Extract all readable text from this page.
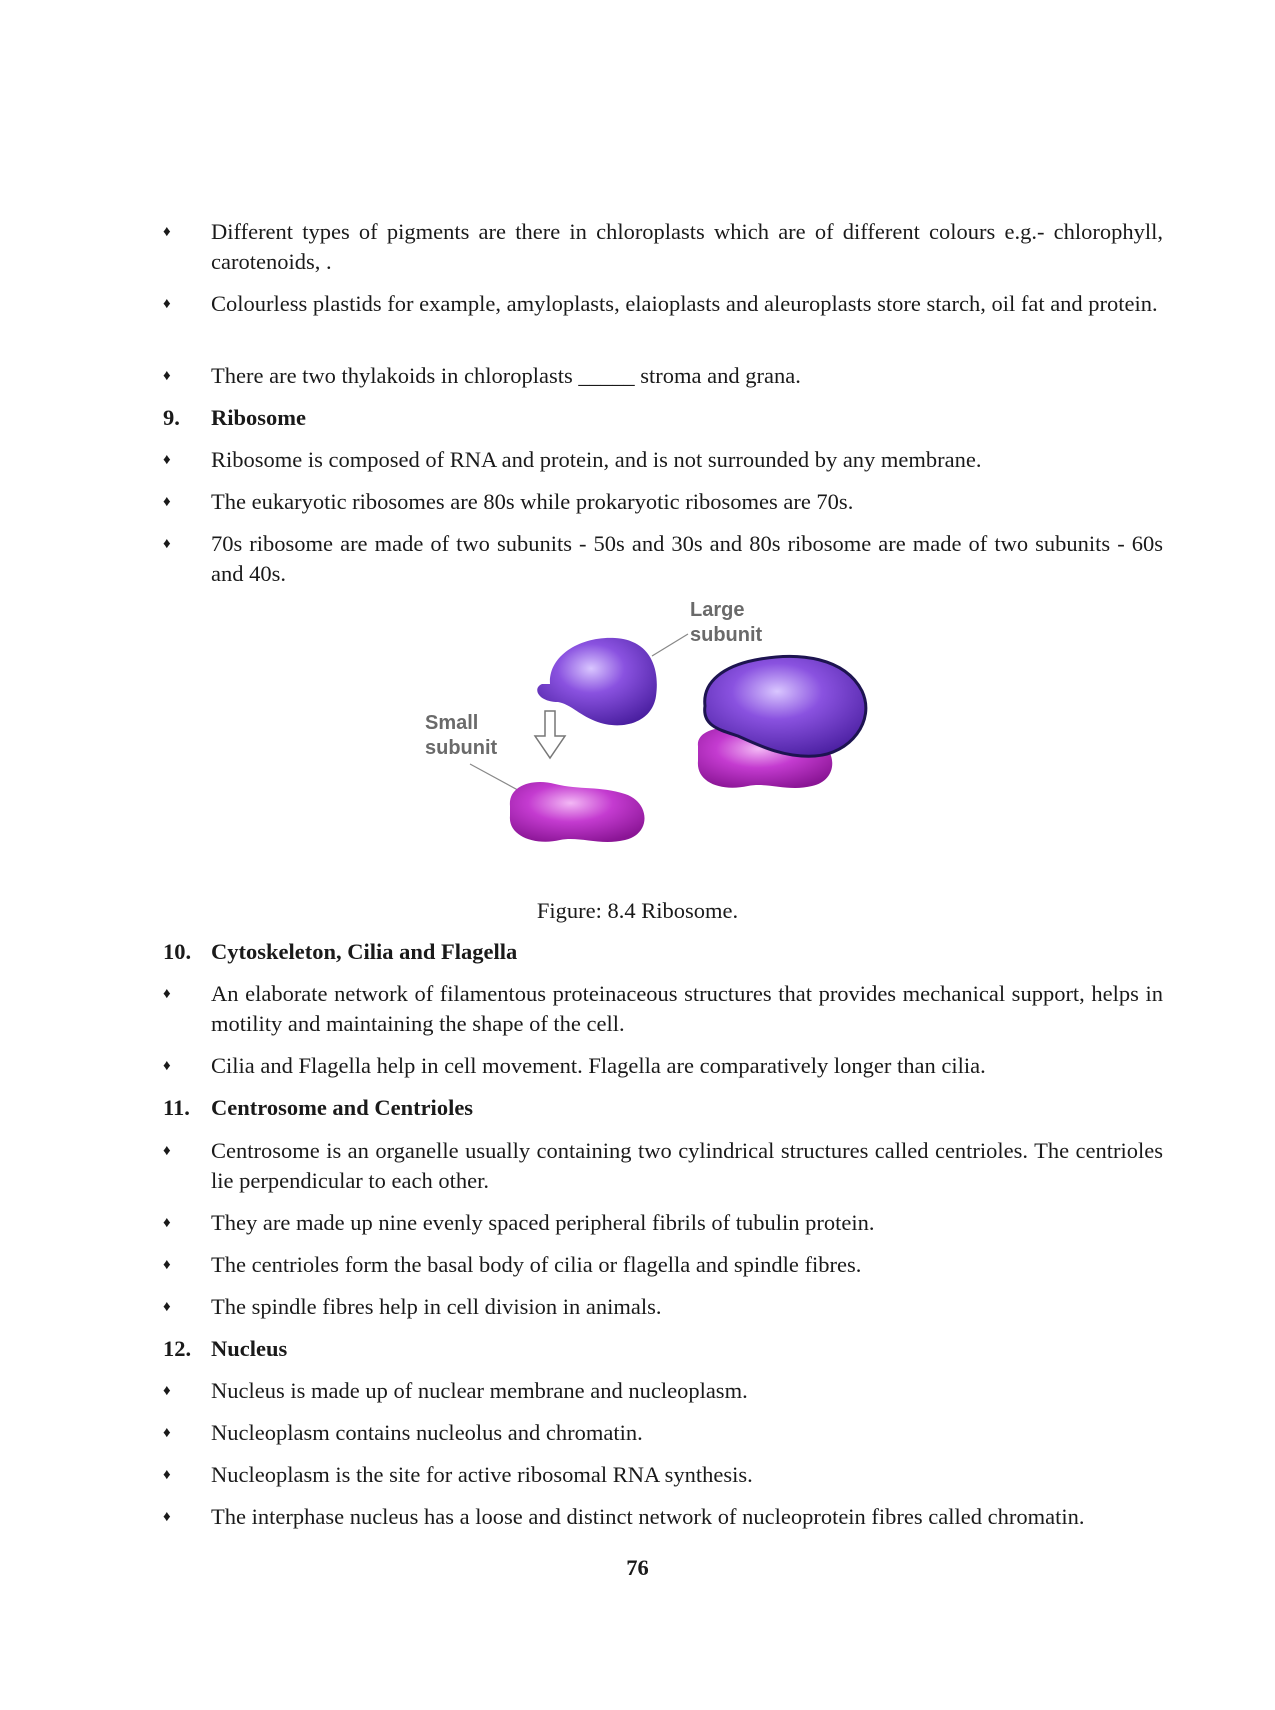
♦	Different types of pigments are there in chloroplasts which are of different colours e.g.- chlorophyll, carotenoids, .
♦	Colourless plastids for example, amyloplasts, elaioplasts and aleuroplasts store starch, oil fat and protein.
♦	There are two thylakoids in chloroplasts _____ stroma and grana.
9. Ribosome
♦	Ribosome is composed of RNA and protein, and is not surrounded by any membrane.
♦	The eukaryotic ribosomes are 80s while prokaryotic ribosomes are 70s.
♦	70s ribosome are made of two subunits - 50s and 30s and 80s ribosome are made of two subunits - 60s and 40s.
Large
subunit
Small
subunit
Figure: 8.4 Ribosome.
10. Cytoskeleton, Cilia and Flagella
♦	An elaborate network of filamentous proteinaceous structures that provides mechanical support, helps in motility and maintaining the shape of the cell.
♦	Cilia and Flagella help in cell movement. Flagella are comparatively longer than cilia.
11. Centrosome and Centrioles
♦	Centrosome is an organelle usually containing two cylindrical structures called centrioles. The centrioles lie perpendicular to each other.
♦	They are made up nine evenly spaced peripheral fibrils of tubulin protein.
♦	The centrioles form the basal body of cilia or flagella and spindle fibres.
♦	The spindle fibres help in cell division in animals.
12. Nucleus
♦	Nucleus is made up of nuclear membrane and nucleoplasm.
♦	Nucleoplasm contains nucleolus and chromatin.
♦	Nucleoplasm is the site for active ribosomal RNA synthesis.
♦	The interphase nucleus has a loose and distinct network of nucleoprotein fibres called chromatin.
76
